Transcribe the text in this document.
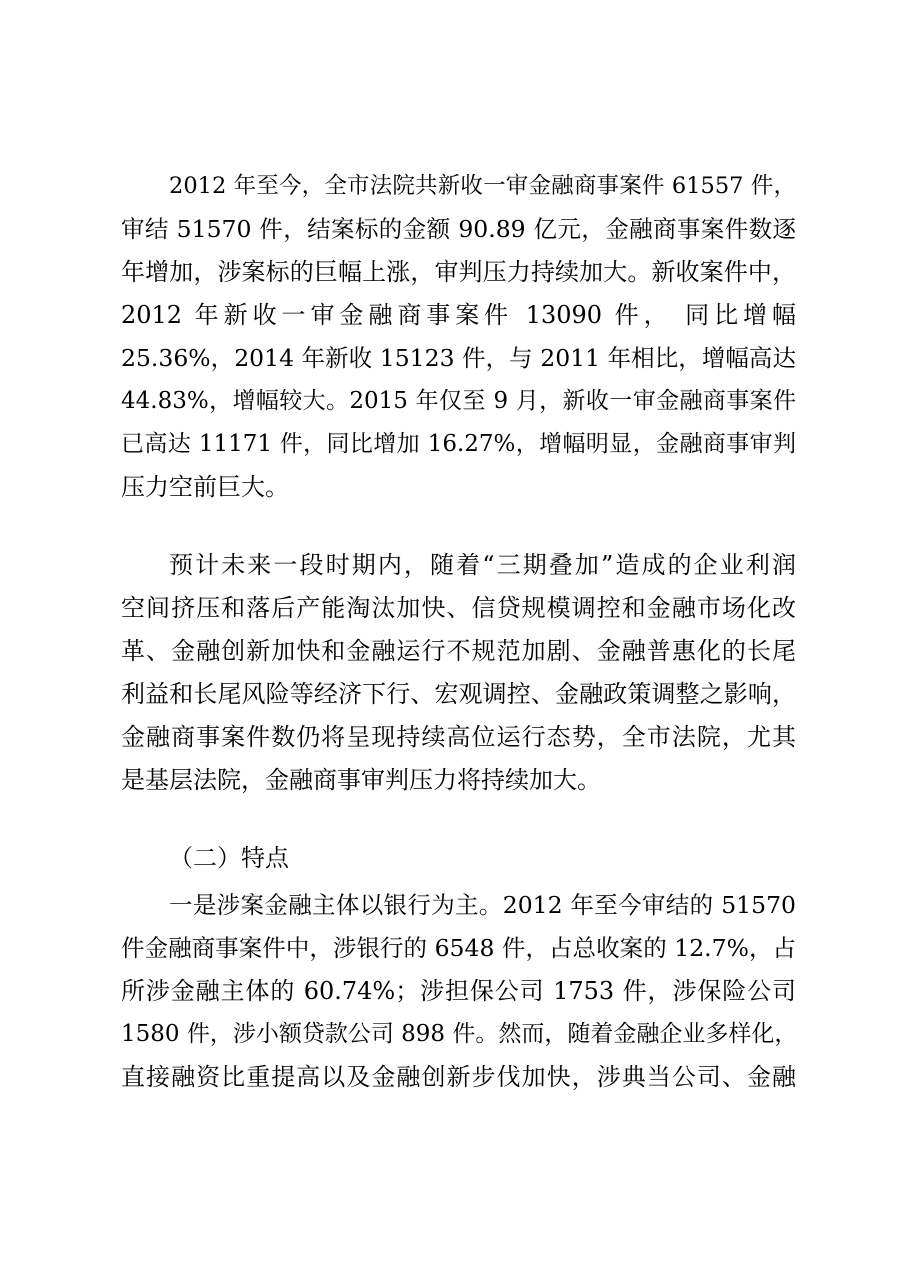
2012 年至今，全市法院共新收一审金融商事案件 61557 件，
审结 51570 件，结案标的金额 90.89 亿元，金融商事案件数逐
年增加，涉案标的巨幅上涨，审判压力持续加大。新收案件中，
2012 年新收一审金融商事案件 13090 件， 同比增幅
25.36%，2014 年新收 15123 件，与 2011 年相比，增幅高达
44.83%，增幅较大。2015 年仅至 9 月，新收一审金融商事案件
已高达 11171 件，同比增加 16.27%，增幅明显，金融商事审判
压力空前巨大。
预计未来一段时期内，随着“三期叠加”造成的企业利润
空间挤压和落后产能淘汰加快、信贷规模调控和金融市场化改
革、金融创新加快和金融运行不规范加剧、金融普惠化的长尾
利益和长尾风险等经济下行、宏观调控、金融政策调整之影响，
金融商事案件数仍将呈现持续高位运行态势，全市法院，尤其
是基层法院，金融商事审判压力将持续加大。
（二）特点
一是涉案金融主体以银行为主。2012 年至今审结的 51570
件金融商事案件中，涉银行的 6548 件，占总收案的 12.7%，占
所涉金融主体的 60.74%；涉担保公司 1753 件，涉保险公司
1580 件，涉小额贷款公司 898 件。然而，随着金融企业多样化，
直接融资比重提高以及金融创新步伐加快，涉典当公司、金融
